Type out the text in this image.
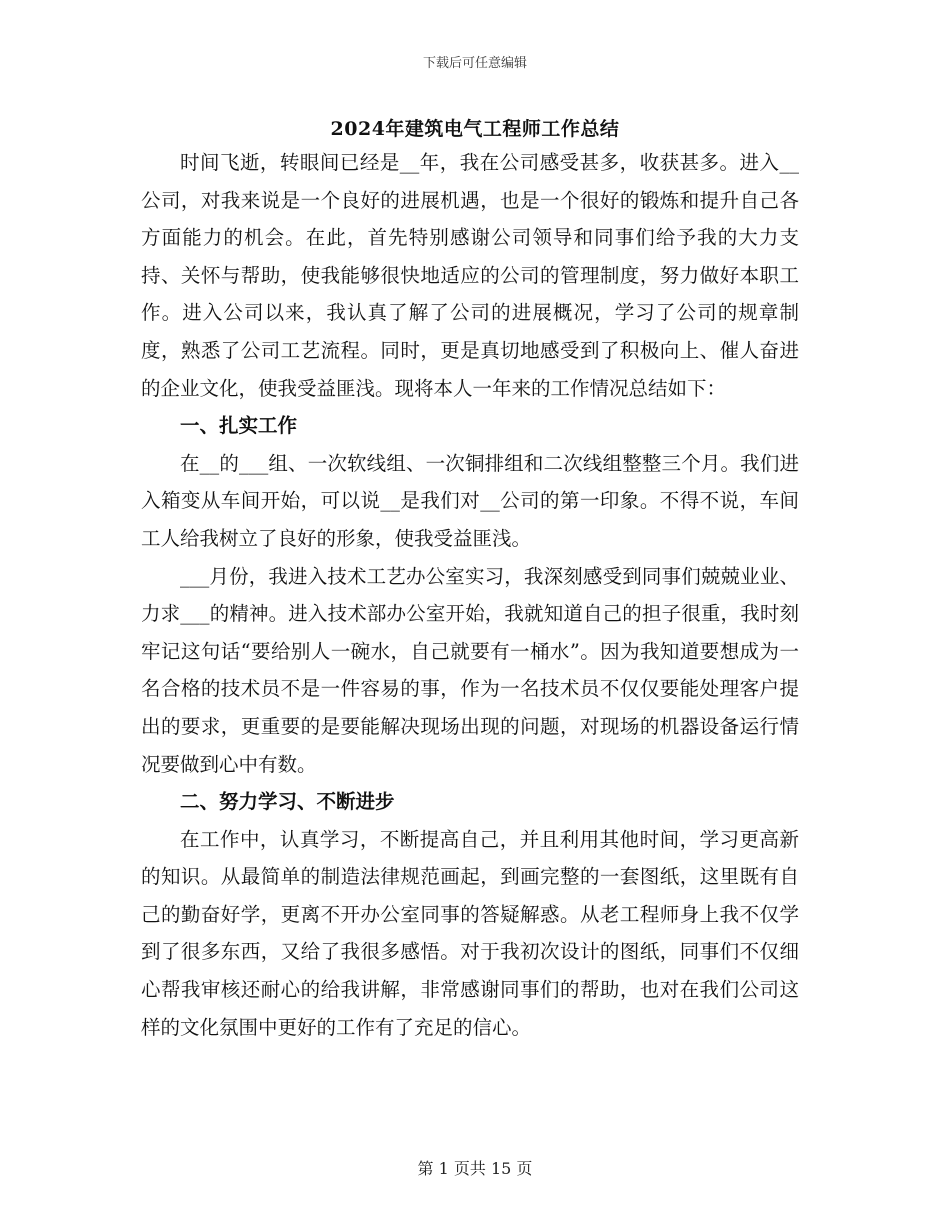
下载后可任意编辑
2024年建筑电气工程师工作总结

时间飞逝，转眼间已经是__年，我在公司感受甚多，收获甚多。进入__公司，对我来说是一个良好的进展机遇，也是一个很好的锻炼和提升自己各方面能力的机会。在此，首先特别感谢公司领导和同事们给予我的大力支持、关怀与帮助，使我能够很快地适应的公司的管理制度，努力做好本职工作。进入公司以来，我认真了解了公司的进展概况，学习了公司的规章制度，熟悉了公司工艺流程。同时，更是真切地感受到了积极向上、催人奋进的企业文化，使我受益匪浅。现将本人一年来的工作情况总结如下：

一、扎实工作

在__的___组、一次软线组、一次铜排组和二次线组整整三个月。我们进入箱变从车间开始，可以说__是我们对__公司的第一印象。不得不说，车间工人给我树立了良好的形象，使我受益匪浅。

___月份，我进入技术工艺办公室实习，我深刻感受到同事们兢兢业业、力求___的精神。进入技术部办公室开始，我就知道自己的担子很重，我时刻牢记这句话“要给别人一碗水，自己就要有一桶水”。因为我知道要想成为一名合格的技术员不是一件容易的事，作为一名技术员不仅仅要能处理客户提出的要求，更重要的是要能解决现场出现的问题，对现场的机器设备运行情况要做到心中有数。

二、努力学习、不断进步

在工作中，认真学习，不断提高自己，并且利用其他时间，学习更高新的知识。从最简单的制造法律规范画起，到画完整的一套图纸，这里既有自己的勤奋好学，更离不开办公室同事的答疑解惑。从老工程师身上我不仅学到了很多东西，又给了我很多感悟。对于我初次设计的图纸，同事们不仅细心帮我审核还耐心的给我讲解，非常感谢同事们的帮助，也对在我们公司这样的文化氛围中更好的工作有了充足的信心。

第 1 页共 15 页
